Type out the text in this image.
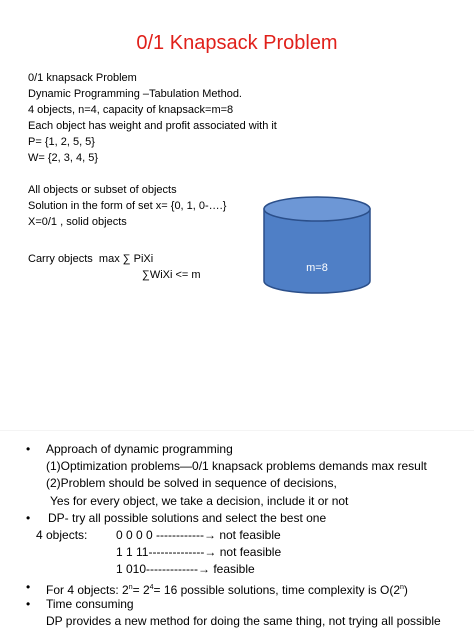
0/1 Knapsack Problem
0/1 knapsack Problem
Dynamic Programming –Tabulation Method.
4 objects, n=4, capacity of knapsack=m=8
Each object has weight and profit associated with it
P= {1, 2, 5, 5}
W= {2, 3, 4, 5}
All objects or subset of objects
Solution in the form of set x= {0, 1, 0-….}
X=0/1 , solid objects
Carry objects  max ∑ PiXi
∑WiXi <= m
m=8
• Approach of dynamic programming
(1)Optimization problems—0/1 knapsack problems demands max result
(2)Problem should be solved in sequence of decisions,
Yes for every object, we take a decision, include it or not
• DP- try all possible solutions and select the best one
4 objects: 0 0 0 0 ------------→ not feasible
1 1 11--------------→ not feasible
1 010-------------→ feasible
• For 4 objects: $2^n= 2^4= 16$ possible solutions, time complexity is O(2$^n$)
• Time consuming
DP provides a new method for doing the same thing, not trying all possible
